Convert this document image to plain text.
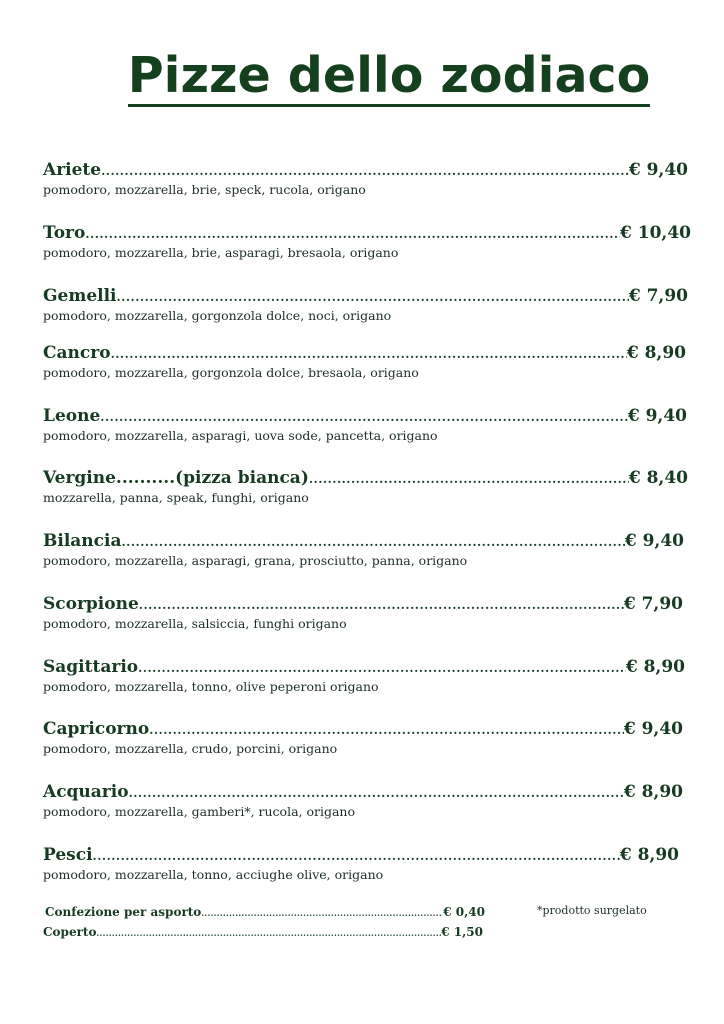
Pizze dello zodiaco
Ariete .....	€ 9,40
pomodoro, mozzarella, brie, speck, rucola, origano
Toro .....	€ 10,40
pomodoro, mozzarella, brie, asparagi, bresaola, origano
Gemelli .....	€ 7,90
pomodoro, mozzarella, gorgonzola dolce, noci, origano
Cancro .....	€ 8,90
pomodoro, mozzarella, gorgonzola dolce, bresaola, origano
Leone .....	€ 9,40
pomodoro, mozzarella, asparagi, uova sode, pancetta, origano
Vergine..........(pizza bianca) .....	€ 8,40
mozzarella, panna, speak, funghi, origano
Bilancia .....	€ 9,40
pomodoro, mozzarella, asparagi, grana, prosciutto, panna, origano
Scorpione .....	€ 7,90
pomodoro, mozzarella, salsiccia, funghi origano
Sagittario .....	€ 8,90
pomodoro, mozzarella, tonno, olive peperoni origano
Capricorno .....	€ 9,40
pomodoro, mozzarella, crudo, porcini, origano
Acquario .....	€ 8,90
pomodoro, mozzarella, gamberi*, rucola, origano
Pesci .....	€ 8,90
pomodoro, mozzarella, tonno, acciughe olive, origano
Confezione per asporto .....	€ 0,40
Coperto .....	€ 1,50
*prodotto surgelato
